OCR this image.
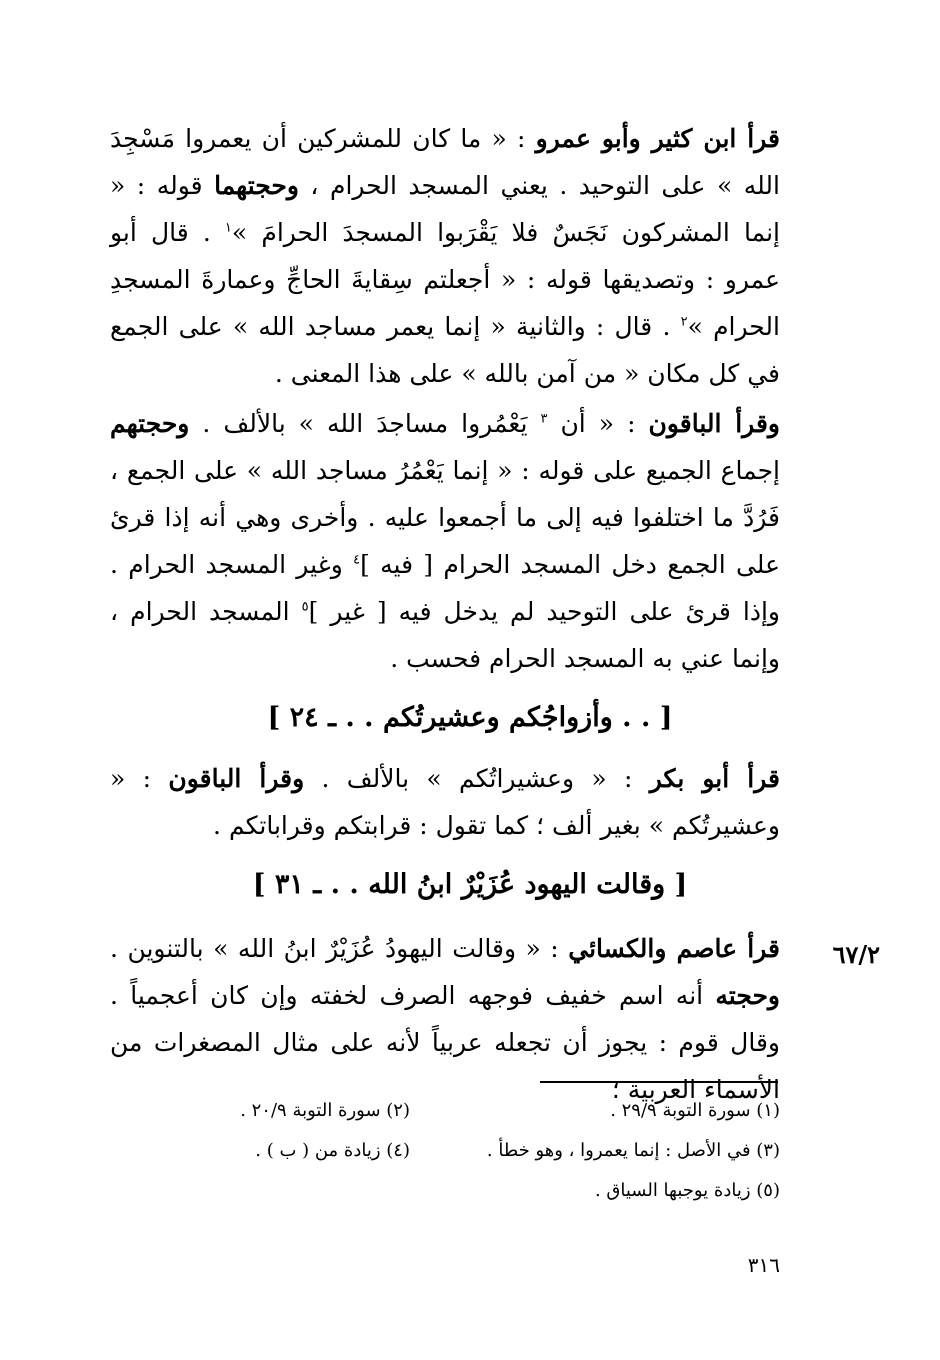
قرأ ابن كثير وأبو عمرو : « ما كان للمشركين أن يعمروا مَسْجِدَ الله » على التوحيد . يعني المسجد الحرام ، وحجتهما قوله : « إنما المشركون نَجَسٌ فلا يَقْرَبوا المسجدَ الحرامَ »$^١$ . قال أبو عمرو : وتصديقها قوله : « أجعلتم سِقايةَ الحاجِّ وعمارةَ المسجدِ الحرام »$^٢$ . قال : والثانية « إنما يعمر مساجد الله » على الجمع في كل مكان « من آمن بالله » على هذا المعنى .

وقرأ الباقون : « أن $^٣$ يَعْمُروا مساجدَ الله » بالألف . وحجتهم إجماع الجميع على قوله : « إنما يَعْمُرُ مساجد الله » على الجمع ، فَرُدَّ ما اختلفوا فيه إلى ما أجمعوا عليه . وأخرى وهي أنه إذا قرئ على الجمع دخل المسجد الحرام [ فيه ]$^٤$ وغير المسجد الحرام . وإذا قرئ على التوحيد لم يدخل فيه [ غير ]$^٥$ المسجد الحرام ، وإنما عني به المسجد الحرام فحسب .

[ . . وأزواجُكم وعشيرتُكم . . ـ ٢٤ ]

قرأ أبو بكر : « وعشيراتُكم » بالألف . وقرأ الباقون : « وعشيرتُكم » بغير ألف ؛ كما تقول : قرابتكم وقراباتكم .

[ وقالت اليهود عُزَيْرٌ ابنُ الله . . ـ ٣١ ]
٦٧/٢

قرأ عاصم والكسائي : « وقالت اليهودُ عُزَيْرٌ ابنُ الله » بالتنوين . وحجته أنه اسم خفيف فوجهه الصرف لخفته وإن كان أعجمياً . وقال قوم : يجوز أن تجعله عربياً لأنه على مثال المصغرات من الأسماء العربية ؛

(١) سورة التوبة ٢٩/٩ .
(٢) سورة التوبة ٢٠/٩ .
(٣) في الأصل : إنما يعمروا ، وهو خطأ .
(٤) زيادة من ( ب ) .
(٥) زيادة يوجبها السياق .
٣١٦
